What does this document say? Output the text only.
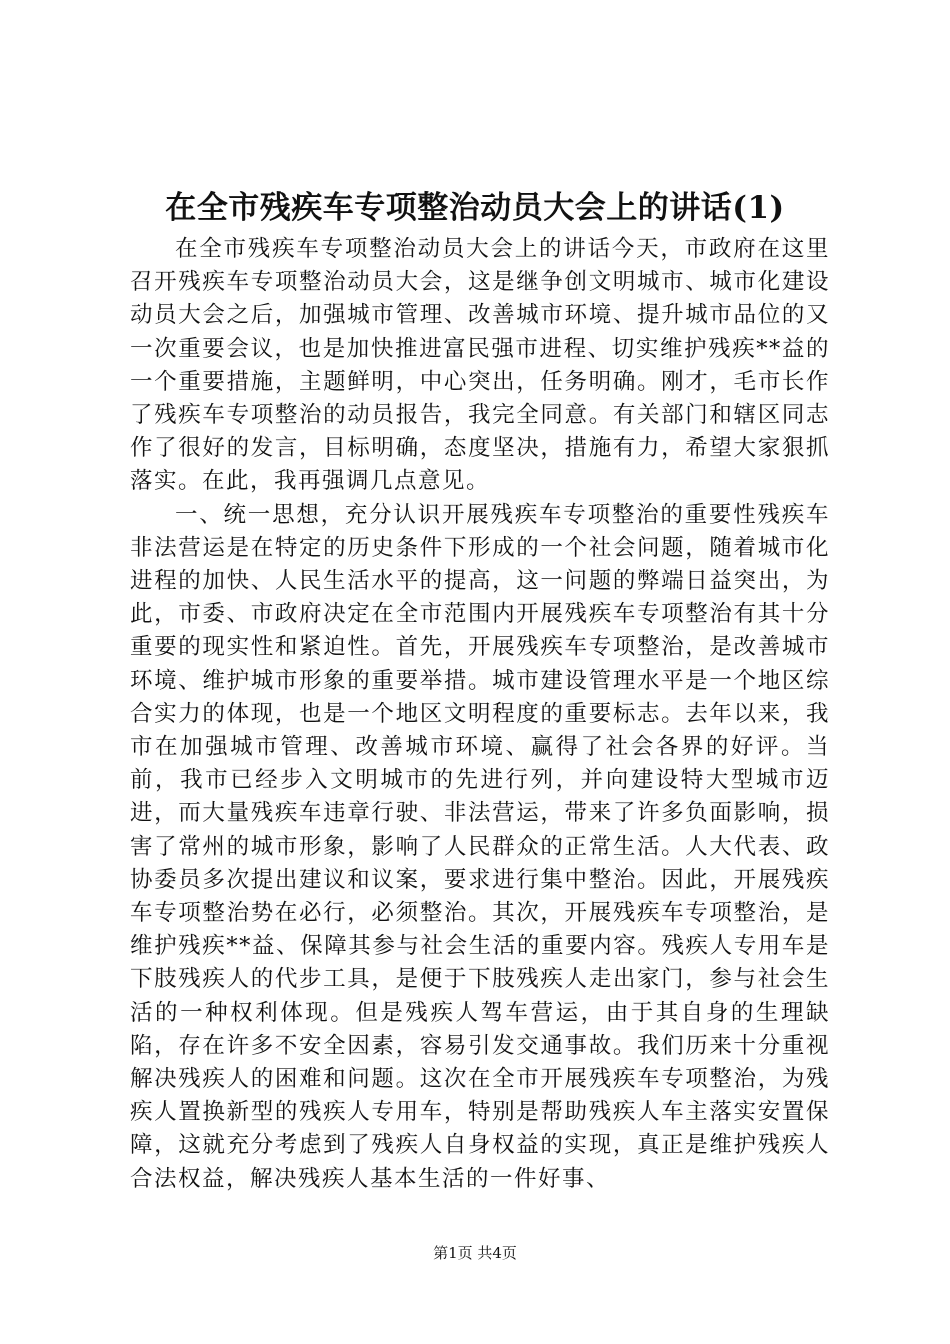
在全市残疾车专项整治动员大会上的讲话(1)

在全市残疾车专项整治动员大会上的讲话今天，市政府在这里召开残疾车专项整治动员大会，这是继争创文明城市、城市化建设动员大会之后，加强城市管理、改善城市环境、提升城市品位的又一次重要会议，也是加快推进富民强市进程、切实维护残疾**益的一个重要措施，主题鲜明，中心突出，任务明确。刚才，毛市长作了残疾车专项整治的动员报告，我完全同意。有关部门和辖区同志作了很好的发言，目标明确，态度坚决，措施有力，希望大家狠抓落实。在此，我再强调几点意见。

一、统一思想，充分认识开展残疾车专项整治的重要性残疾车非法营运是在特定的历史条件下形成的一个社会问题，随着城市化进程的加快、人民生活水平的提高，这一问题的弊端日益突出，为此，市委、市政府决定在全市范围内开展残疾车专项整治有其十分重要的现实性和紧迫性。首先，开展残疾车专项整治，是改善城市环境、维护城市形象的重要举措。城市建设管理水平是一个地区综合实力的体现，也是一个地区文明程度的重要标志。去年以来，我市在加强城市管理、改善城市环境、赢得了社会各界的好评。当前，我市已经步入文明城市的先进行列，并向建设特大型城市迈进，而大量残疾车违章行驶、非法营运，带来了许多负面影响，损害了常州的城市形象，影响了人民群众的正常生活。人大代表、政协委员多次提出建议和议案，要求进行集中整治。因此，开展残疾车专项整治势在必行，必须整治。其次，开展残疾车专项整治，是维护残疾**益、保障其参与社会生活的重要内容。残疾人专用车是下肢残疾人的代步工具，是便于下肢残疾人走出家门，参与社会生活的一种权利体现。但是残疾人驾车营运，由于其自身的生理缺陷，存在许多不安全因素，容易引发交通事故。我们历来十分重视解决残疾人的困难和问题。这次在全市开展残疾车专项整治，为残疾人置换新型的残疾人专用车，特别是帮助残疾人车主落实安置保障，这就充分考虑到了残疾人自身权益的实现，真正是维护残疾人合法权益，解决残疾人基本生活的一件好事、

第1页 共4页
